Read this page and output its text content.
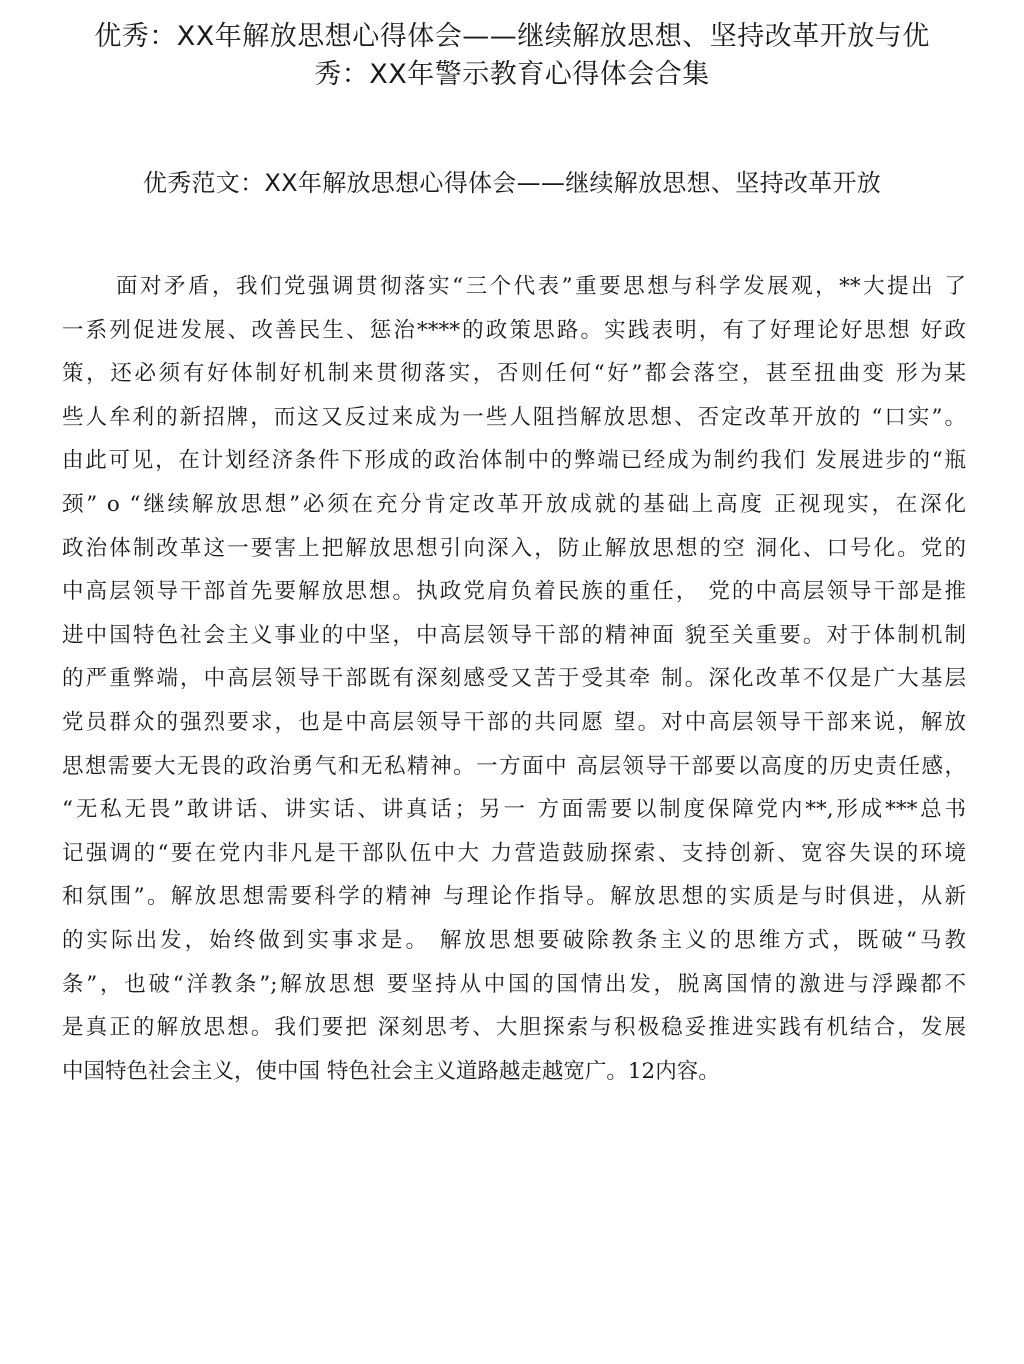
优秀：XX年解放思想心得体会——继续解放思想、坚持改革开放与优
秀：XX年警示教育心得体会合集
优秀范文：XX年解放思想心得体会——继续解放思想、坚持改革开放
面对矛盾，我们党强调贯彻落实“三个代表”重要思想与科学发展观，**大提出 了
一系列促进发展、改善民生、惩治****的政策思路。实践表明，有了好理论好思想 好政
策，还必须有好体制好机制来贯彻落实，否则任何“好”都会落空，甚至扭曲变 形为某
些人牟利的新招牌，而这又反过来成为一些人阻挡解放思想、否定改革开放的 “口实”。
由此可见，在计划经济条件下形成的政治体制中的弊端已经成为制约我们 发展进步的“瓶
颈” o “继续解放思想”必须在充分肯定改革开放成就的基础上高度 正视现实，在深化
政治体制改革这一要害上把解放思想引向深入，防止解放思想的空 洞化、口号化。党的
中高层领导干部首先要解放思想。执政党肩负着民族的重任， 党的中高层领导干部是推
进中国特色社会主义事业的中坚，中高层领导干部的精神面 貌至关重要。对于体制机制
的严重弊端，中高层领导干部既有深刻感受又苦于受其牵 制。深化改革不仅是广大基层
党员群众的强烈要求，也是中高层领导干部的共同愿 望。对中高层领导干部来说，解放
思想需要大无畏的政治勇气和无私精神。一方面中 高层领导干部要以高度的历史责任感，
“无私无畏”敢讲话、讲实话、讲真话；另一 方面需要以制度保障党内**,形成***总书
记强调的“要在党内非凡是干部队伍中大 力营造鼓励探索、支持创新、宽容失误的环境
和氛围”。解放思想需要科学的精神 与理论作指导。解放思想的实质是与时俱进，从新
的实际出发，始终做到实事求是。 解放思想要破除教条主义的思维方式，既破“马教
条”，也破“洋教条”;解放思想 要坚持从中国的国情出发，脱离国情的激进与浮躁都不
是真正的解放思想。我们要把 深刻思考、大胆探索与积极稳妥推进实践有机结合，发展
中国特色社会主义，使中国 特色社会主义道路越走越宽广。12内容。
